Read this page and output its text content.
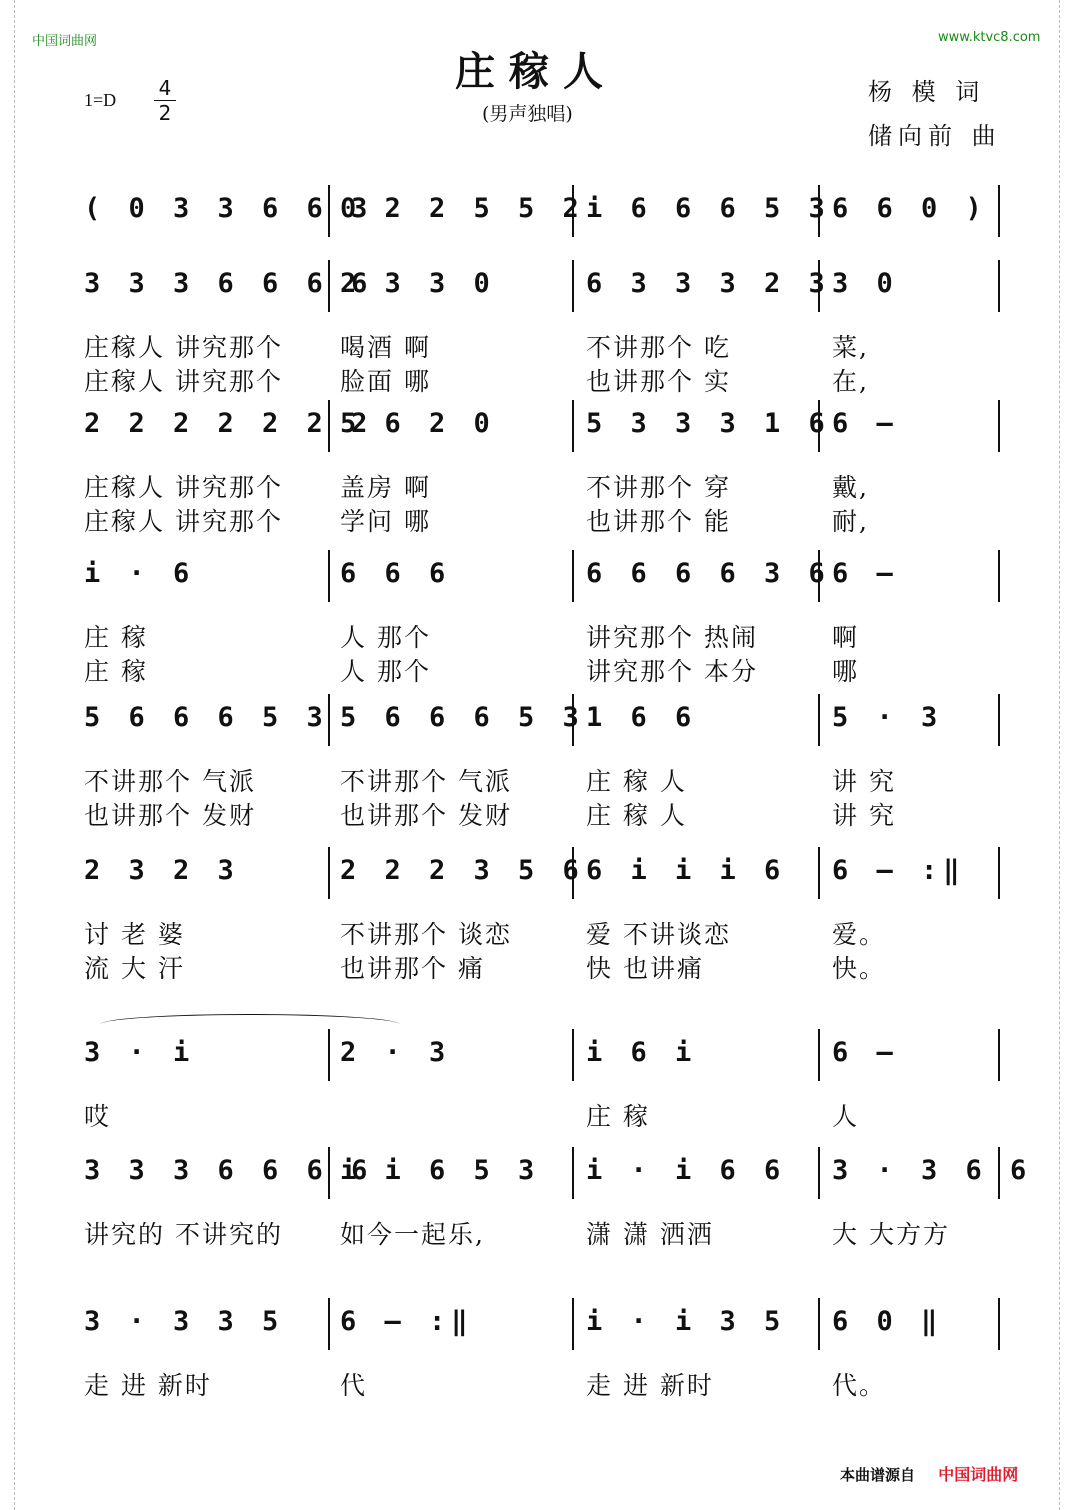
中国词曲网	www.ktvc8.com
庄稼人
(男声独唱)
1=D 4
2
杨 模 词
储向前 曲
( 0 3 3 6 6 3
0 2 2 5 5 2 i 6 6 6 5 3 6 6 0 )
3 3 3 6 6 6 6
2 3 3 0	6 3 3 3 2 3 3 0
庄稼人 讲究那个 喝酒 啊	不讲那个 吃	菜,
庄稼人 讲究那个 脸面 哪	也讲那个 实	在,
2 2 2 2 2 2 2
5 6 2 0	5 3 3 3 1 6 6 –
庄稼人 讲究那个 盖房 啊	不讲那个 穿	戴,
庄稼人 讲究那个 学问 哪	也讲那个 能	耐,
i · 6	6 6 6	6 6 6 6 3 6 6 –
庄 稼	人 那个	讲究那个 热闹	啊
庄 稼	人 那个	讲究那个 本分	哪
5 6 6 6 5 3 5 6 6 6 5 3 1 6 6	5 · 3
不讲那个 气派	不讲那个 气派	庄 稼 人	讲 究
也讲那个 发财	也讲那个 发财	庄 稼 人	讲 究
2 3 2 3	2 2 2 3 5 6 6 i i i 6 6 – :‖
讨 老 婆	不讲那个 谈恋	爱 不讲谈恋	爱。
流 大 汗	也讲那个 痛	快 也讲痛	快。
3 · i	2 · 3	i 6 i	6 –
哎	庄 稼	人
3 3 3 6 6 6 6
i i 6 5 3 i · i 6 6 3 · 3 6 6
讲究的 不讲究的 如今一起乐,	潇 潇 洒洒	大 大方方
3 · 3 3 5 6 – :‖	i · i 3 5 6 0 ‖
走 进 新时	代	走 进 新时	代。
本曲谱源自 中国词曲网
